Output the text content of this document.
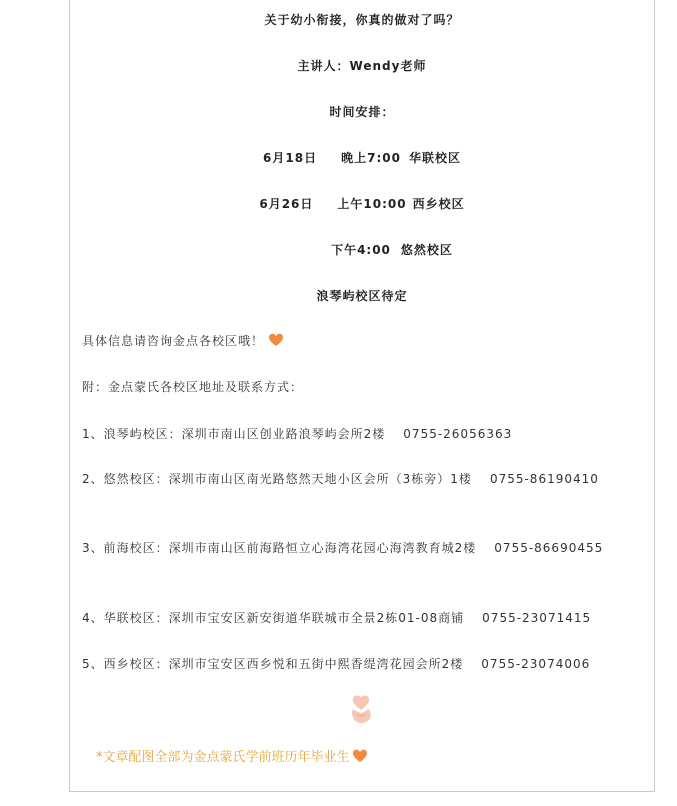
关于幼小衔接，你真的做对了吗？
主讲人：Wendy老师
时间安排：
6月18日 晚上7:00 华联校区
6月26日 上午10:00 西乡校区
下午4:00 悠然校区
浪琴屿校区待定
具体信息请咨询金点各校区哦！
附：金点蒙氏各校区地址及联系方式：
1、浪琴屿校区：深圳市南山区创业路浪琴屿会所2楼 0755-26056363
2、悠然校区：深圳市南山区南光路悠然天地小区会所（3栋旁）1楼 0755-86190410
3、前海校区：深圳市南山区前海路恒立心海湾花园心海湾教育城2楼 0755-86690455
4、华联校区：深圳市宝安区新安街道华联城市全景2栋01-08商铺 0755-23071415
5、西乡校区：深圳市宝安区西乡悦和五街中熙香缇湾花园会所2楼 0755-23074006
*文章配图全部为金点蒙氏学前班历年毕业生
